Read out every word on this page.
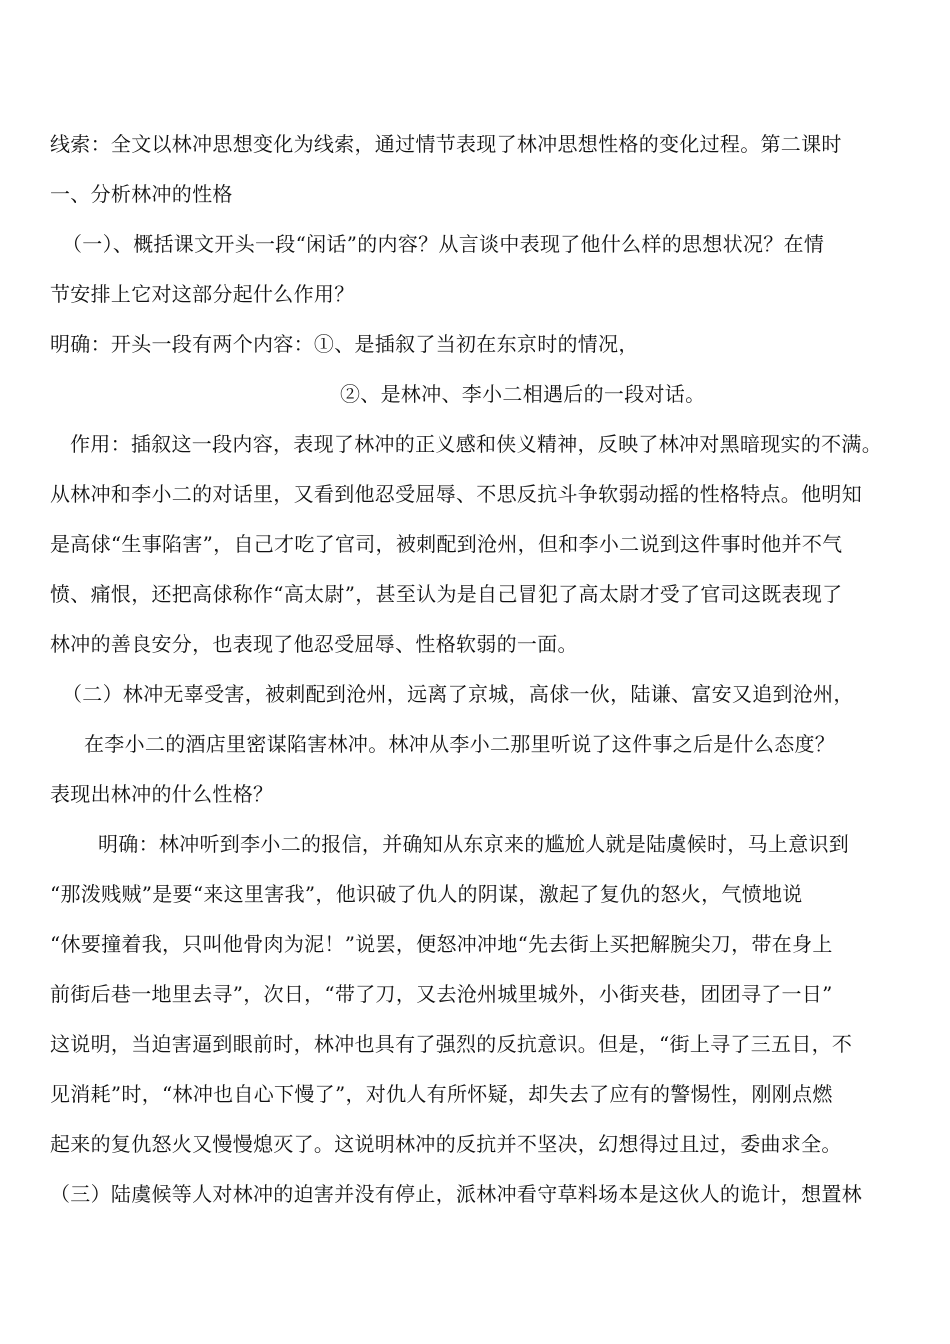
线索：全文以林冲思想变化为线索，通过情节表现了林冲思想性格的变化过程。第二课时
一、分析林冲的性格
（一）、概括课文开头一段“闲话”的内容？从言谈中表现了他什么样的思想状况？在情
节安排上它对这部分起什么作用？
明确：开头一段有两个内容：①、是插叙了当初在东京时的情况，
②、是林冲、李小二相遇后的一段对话。
作用：插叙这一段内容，表现了林冲的正义感和侠义精神，反映了林冲对黑暗现实的不满。
从林冲和李小二的对话里，又看到他忍受屈辱、不思反抗斗争软弱动摇的性格特点。他明知
是高俅“生事陷害”，自己才吃了官司，被刺配到沧州，但和李小二说到这件事时他并不气
愤、痛恨，还把高俅称作“高太尉”，甚至认为是自己冒犯了高太尉才受了官司这既表现了
林冲的善良安分，也表现了他忍受屈辱、性格软弱的一面。
（二）林冲无辜受害，被刺配到沧州，远离了京城，高俅一伙，陆谦、富安又追到沧州，
在李小二的酒店里密谋陷害林冲。林冲从李小二那里听说了这件事之后是什么态度？
表现出林冲的什么性格？
明确：林冲听到李小二的报信，并确知从东京来的尴尬人就是陆虞候时，马上意识到
“那泼贱贼”是要“来这里害我”，他识破了仇人的阴谋，激起了复仇的怒火，气愤地说
“休要撞着我，只叫他骨肉为泥！”说罢，便怒冲冲地“先去街上买把解腕尖刀，带在身上
前街后巷一地里去寻”，次日，“带了刀，又去沧州城里城外，小街夹巷，团团寻了一日”
这说明，当迫害逼到眼前时，林冲也具有了强烈的反抗意识。但是，“街上寻了三五日，不
见消耗”时，“林冲也自心下慢了”，对仇人有所怀疑，却失去了应有的警惕性，刚刚点燃
起来的复仇怒火又慢慢熄灭了。这说明林冲的反抗并不坚决，幻想得过且过，委曲求全。
（三）陆虞候等人对林冲的迫害并没有停止，派林冲看守草料场本是这伙人的诡计，想置林
